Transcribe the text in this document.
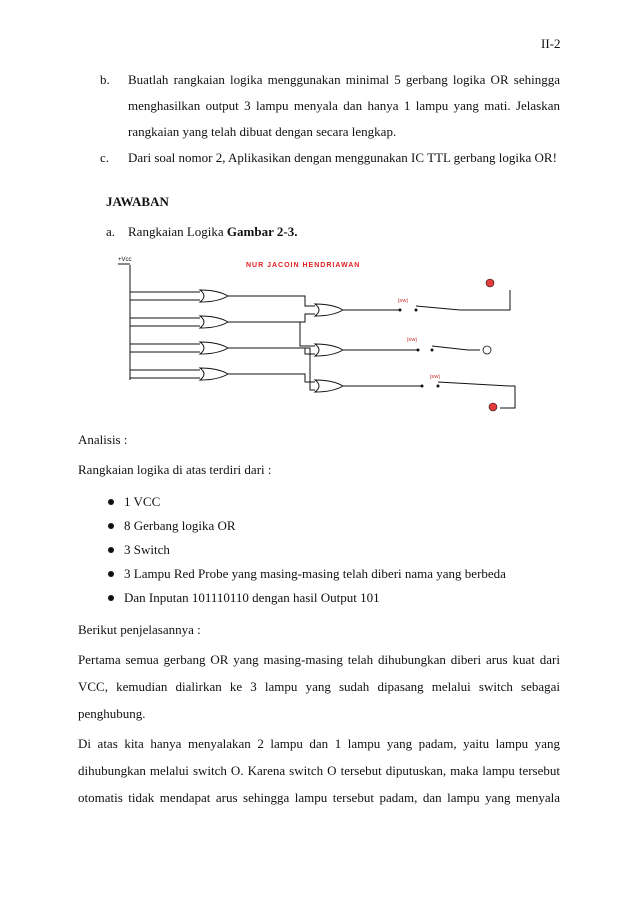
II-2
b.	Buatlah rangkaian logika menggunakan minimal 5 gerbang logika OR sehingga
menghasilkan output 3 lampu menyala dan hanya 1 lampu yang mati. Jelaskan
rangkaian yang telah dibuat dengan secara lengkap.
c.	Dari soal nomor 2, Aplikasikan dengan menggunakan IC TTL gerbang logika OR!
JAWABAN
a. Rangkaian Logika Gambar 2-3.
+Vcc
NUR JACOIN HENDRIAWAN
[SW]
[SW]
[SW]
Analisis :
Rangkaian logika di atas terdiri dari :
1 VCC
8 Gerbang logika OR
3 Switch
3 Lampu Red Probe yang masing-masing telah diberi nama yang berbeda
Dan Inputan 101110110 dengan hasil Output 101
Berikut penjelasannya :
Pertama semua gerbang OR yang masing-masing telah dihubungkan diberi arus kuat dari
VCC, kemudian dialirkan ke 3 lampu yang sudah dipasang melalui switch sebagai
penghubung.
Di atas kita hanya menyalakan 2 lampu dan 1 lampu yang padam, yaitu lampu yang
dihubungkan melalui switch O. Karena switch O tersebut diputuskan, maka lampu tersebut
otomatis tidak mendapat arus sehingga lampu tersebut padam, dan lampu yang menyala
